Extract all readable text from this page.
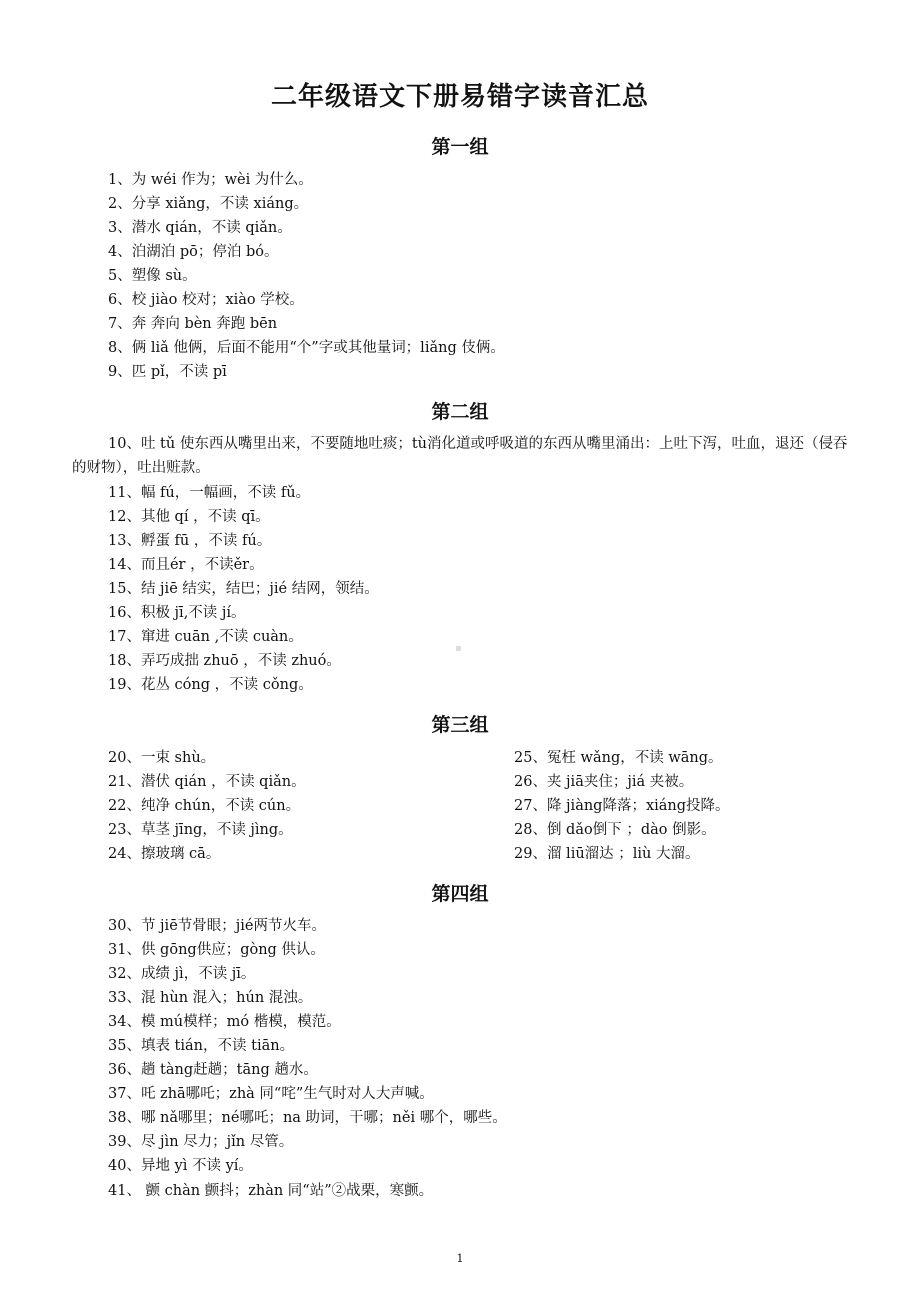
二年级语文下册易错字读音汇总
第一组
1、为 wéi 作为；wèi 为什么。
2、分享 xiǎng，不读 xiáng。
3、潜水 qián，不读 qiǎn。
4、泊湖泊 pō；停泊 bó。
5、塑像 sù。
6、校 jiào 校对；xiào 学校。
7、奔 奔向 bèn 奔跑 bēn
8、俩 liǎ 他俩，后面不能用“个”字或其他量词；liǎng 伎俩。
9、匹 pǐ，不读 pī
第二组
10、吐 tǔ 使东西从嘴里出来，不要随地吐痰；tù消化道或呼吸道的东西从嘴里涌出：上吐下泻，吐血，退还（侵吞的财物），吐出赃款。
11、幅 fú，一幅画，不读 fǔ。
12、其他 qí ，不读 qī。
13、孵蛋 fū ，不读 fú。
14、而且ér ，不读ěr。
15、结 jiē 结实，结巴；jié 结网，领结。
16、积极 jī,不读 jí。
17、窜进 cuān ,不读 cuàn。
18、弄巧成拙 zhuō ，不读 zhuó。
19、花丛 cóng ，不读 cǒng。
第三组
20、一束 shù。
21、潜伏 qián ，不读 qiǎn。
22、纯净 chún，不读 cún。
23、草茎 jīng，不读 jìng。
24、擦玻璃 cā。
25、冤枉 wǎng，不读 wāng。
26、夹 jiā夹住；jiá 夹被。
27、降 jiàng降落；xiáng投降。
28、倒 dǎo倒下 ；dào 倒影。
29、溜 liū溜达 ；liù 大溜。
第四组
30、节 jiē节骨眼；jié两节火车。
31、供 gōng供应；gòng 供认。
32、成绩 jì，不读 jī。
33、混 hùn 混入；hún 混浊。
34、模 mú模样；mó 楷模，模范。
35、填表 tián，不读 tiān。
36、趟 tàng赶趟；tāng 趟水。
37、吒 zhā哪吒；zhà 同“咤”生气时对人大声喊。
38、哪 nǎ哪里；né哪吒；na 助词，干哪；něi 哪个，哪些。
39、尽 jìn 尽力；jǐn 尽管。
40、异地 yì 不读 yí。
41、 颤 chàn 颤抖；zhàn 同“站”②战栗，寒颤。
1
